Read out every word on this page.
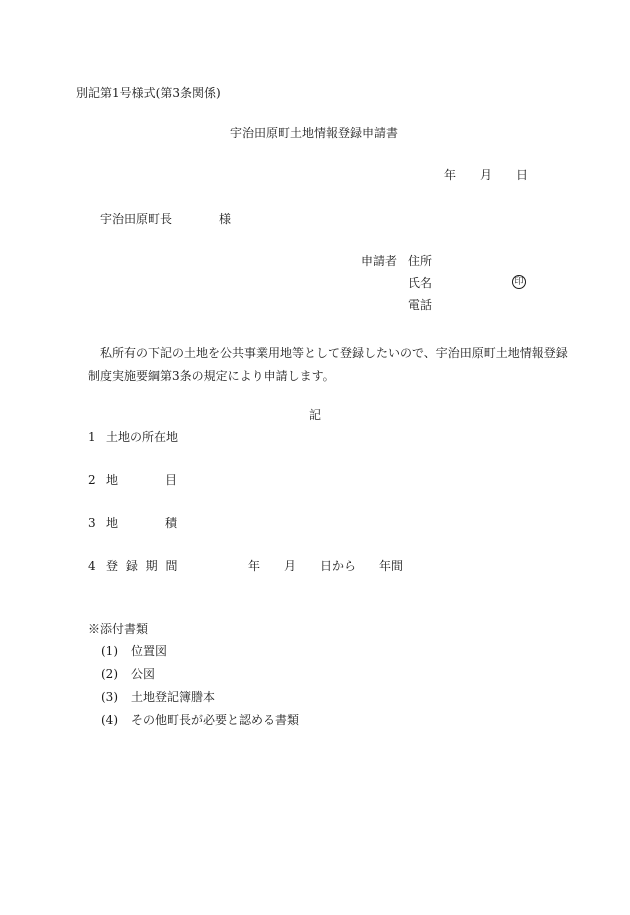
別記第1号様式(第3条関係)
宇治田原町土地情報登録申請書
年 月 日
宇治田原町長	様
申請者 住所
氏名	印
電話
私所有の下記の土地を公共事業用地等として登録したいので、宇治田原町土地情報登録制度実施要綱第3条の規定により申請します。
記
1 土地の所在地
2 地	目
3 地	積
4 登 録 期 間	年 月 日から 年間
※添付書類
(1) 位置図
(2) 公図
(3) 土地登記簿謄本
(4) その他町長が必要と認める書類
